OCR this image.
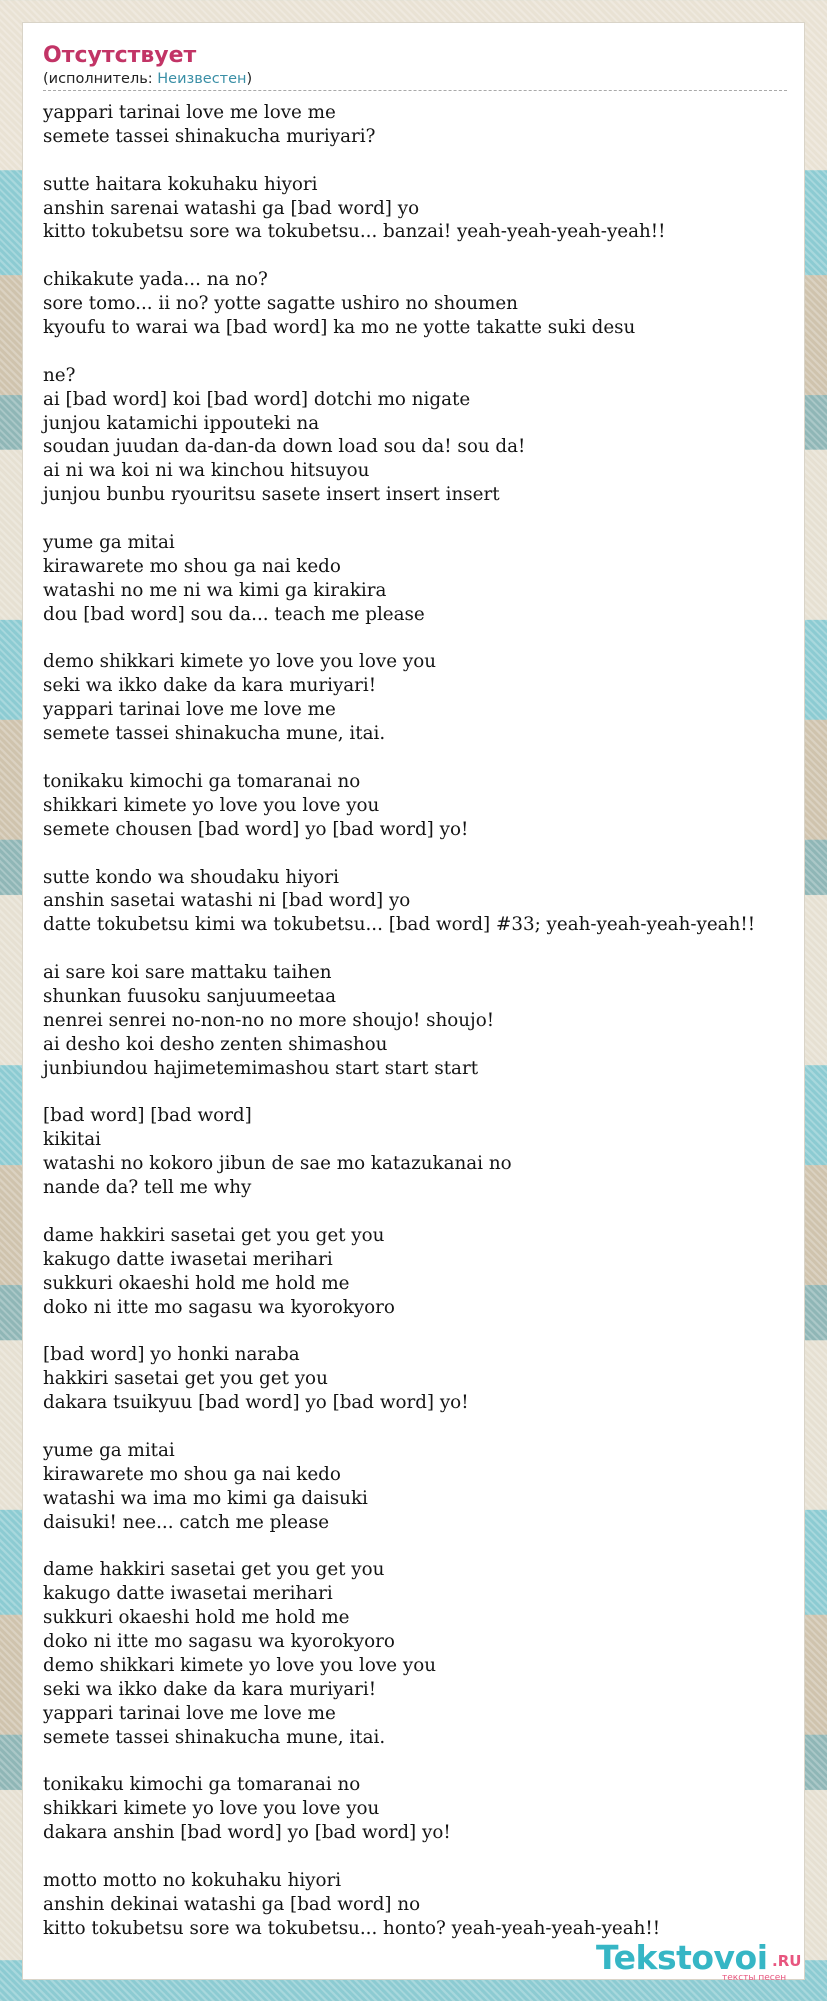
Отсутствует
(исполнитель: Неизвестен)
yappari tarinai love me love me
semete tassei shinakucha muriyari?
sutte haitara kokuhaku hiyori
anshin sarenai watashi ga [bad word] yo
kitto tokubetsu sore wa tokubetsu... banzai! yeah-yeah-yeah-yeah!!
chikakute yada... na no?
sore tomo... ii no? yotte sagatte ushiro no shoumen
kyoufu to warai wa [bad word] ka mo ne yotte takatte suki desu
ne?
ai [bad word] koi [bad word] dotchi mo nigate
junjou katamichi ippouteki na
soudan juudan da-dan-da down load sou da! sou da!
ai ni wa koi ni wa kinchou hitsuyou
junjou bunbu ryouritsu sasete insert insert insert
yume ga mitai
kirawarete mo shou ga nai kedo
watashi no me ni wa kimi ga kirakira
dou [bad word] sou da... teach me please
demo shikkari kimete yo love you love you
seki wa ikko dake da kara muriyari!
yappari tarinai love me love me
semete tassei shinakucha mune, itai.
tonikaku kimochi ga tomaranai no
shikkari kimete yo love you love you
semete chousen [bad word] yo [bad word] yo!
sutte kondo wa shoudaku hiyori
anshin sasetai watashi ni [bad word] yo
datte tokubetsu kimi wa tokubetsu... [bad word] #33; yeah-yeah-yeah-yeah!!
ai sare koi sare mattaku taihen
shunkan fuusoku sanjuumeetaa
nenrei senrei no-non-no no more shoujo! shoujo!
ai desho koi desho zenten shimashou
junbiundou hajimetemimashou start start start
[bad word] [bad word]
kikitai
watashi no kokoro jibun de sae mo katazukanai no
nande da? tell me why
dame hakkiri sasetai get you get you
kakugo datte iwasetai merihari
sukkuri okaeshi hold me hold me
doko ni itte mo sagasu wa kyorokyoro
[bad word] yo honki naraba
hakkiri sasetai get you get you
dakara tsuikyuu [bad word] yo [bad word] yo!
yume ga mitai
kirawarete mo shou ga nai kedo
watashi wa ima mo kimi ga daisuki
daisuki! nee... catch me please
dame hakkiri sasetai get you get you
kakugo datte iwasetai merihari
sukkuri okaeshi hold me hold me
doko ni itte mo sagasu wa kyorokyoro
demo shikkari kimete yo love you love you
seki wa ikko dake da kara muriyari!
yappari tarinai love me love me
semete tassei shinakucha mune, itai.
tonikaku kimochi ga tomaranai no
shikkari kimete yo love you love you
dakara anshin [bad word] yo [bad word] yo!
motto motto no kokuhaku hiyori
anshin dekinai watashi ga [bad word] no
kitto tokubetsu sore wa tokubetsu... honto? yeah-yeah-yeah-yeah!!
Tekstovoi .RU
тексты песен
